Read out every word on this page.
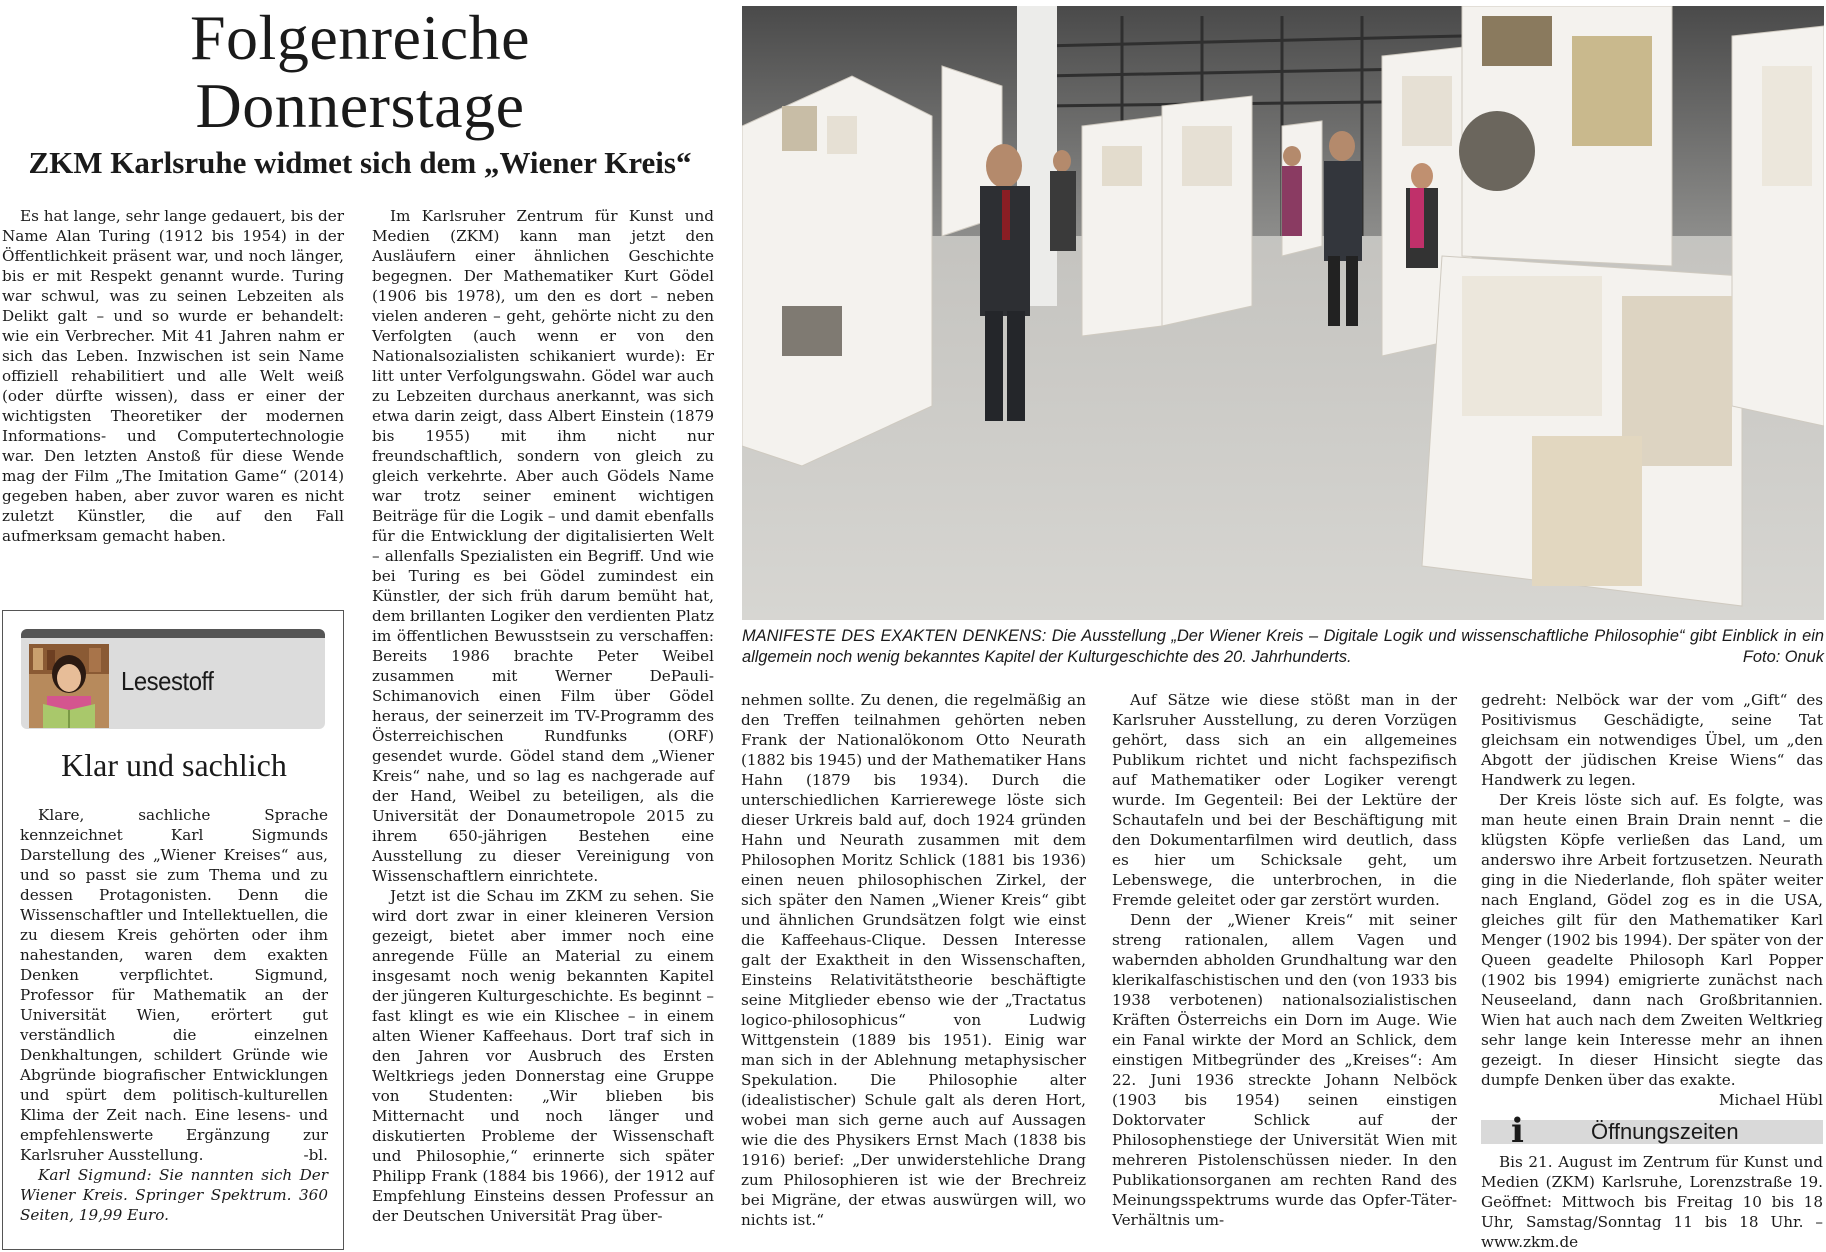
Folgenreiche
Donnerstage
ZKM Karlsruhe widmet sich dem „Wiener Kreis“

Es hat lange, sehr lange gedauert, bis der Name Alan Turing (1912 bis 1954) in der Öffentlichkeit präsent war, und noch länger, bis er mit Respekt genannt wurde. Turing war schwul, was zu seinen Lebzeiten als Delikt galt – und so wurde er behandelt: wie ein Verbrecher. Mit 41 Jahren nahm er sich das Leben. Inzwischen ist sein Name offiziell rehabilitiert und alle Welt weiß (oder dürfte wissen), dass er einer der wichtigsten Theoretiker der modernen Informations- und Computertechnologie war. Den letzten Anstoß für diese Wende mag der Film „The Imitation Game“ (2014) gegeben haben, aber zuvor waren es nicht zuletzt Künstler, die auf den Fall aufmerksam gemacht haben.

Lesestoff
Klar und sachlich

Klare, sachliche Sprache kennzeichnet Karl Sigmunds Darstellung des „Wiener Kreises“ aus, und so passt sie zum Thema und zu dessen Protagonisten. Denn die Wissenschaftler und Intellektuellen, die zu diesem Kreis gehörten oder ihm nahestanden, waren dem exakten Denken verpflichtet. Sigmund, Professor für Mathematik an der Universität Wien, erörtert gut verständlich die einzelnen Denkhaltungen, schildert Gründe wie Abgründe biografischer Entwicklungen und spürt dem politisch-kulturellen Klima der Zeit nach. Eine lesens- und empfehlenswerte Ergänzung zur Karlsruher Ausstellung.	-bl.

Karl Sigmund: Sie nannten sich Der Wiener Kreis. Springer Spektrum. 360 Seiten, 19,99 Euro.

Im Karlsruher Zentrum für Kunst und Medien (ZKM) kann man jetzt den Ausläufern einer ähnlichen Geschichte begegnen. Der Mathematiker Kurt Gödel (1906 bis 1978), um den es dort – neben vielen anderen – geht, gehörte nicht zu den Verfolgten (auch wenn er von den Nationalsozialisten schikaniert wurde): Er litt unter Verfolgungswahn. Gödel war auch zu Lebzeiten durchaus anerkannt, was sich etwa darin zeigt, dass Albert Einstein (1879 bis 1955) mit ihm nicht nur freundschaftlich, sondern von gleich zu gleich verkehrte. Aber auch Gödels Name war trotz seiner eminent wichtigen Beiträge für die Logik – und damit ebenfalls für die Entwicklung der digitalisierten Welt – allenfalls Spezialisten ein Begriff. Und wie bei Turing es bei Gödel zumindest ein Künstler, der sich früh darum bemüht hat, dem brillanten Logiker den verdienten Platz im öffentlichen Bewusstsein zu verschaffen: Bereits 1986 brachte Peter Weibel zusammen mit Werner DePauli-Schimanovich einen Film über Gödel heraus, der seinerzeit im TV-Programm des Österreichischen Rundfunks (ORF) gesendet wurde. Gödel stand dem „Wiener Kreis“ nahe, und so lag es nachgerade auf der Hand, Weibel zu beteiligen, als die Universität der Donaumetropole 2015 zu ihrem 650-jährigen Bestehen eine Ausstellung zu dieser Vereinigung von Wissenschaftlern einrichtete.

Jetzt ist die Schau im ZKM zu sehen. Sie wird dort zwar in einer kleineren Version gezeigt, bietet aber immer noch eine anregende Fülle an Material zu einem insgesamt noch wenig bekannten Kapitel der jüngeren Kulturgeschichte. Es beginnt – fast klingt es wie ein Klischee – in einem alten Wiener Kaffeehaus. Dort traf sich in den Jahren vor Ausbruch des Ersten Weltkriegs jeden Donnerstag eine Gruppe von Studenten: „Wir blieben bis Mitternacht und noch länger und diskutierten Probleme der Wissenschaft und Philosophie,“ erinnerte sich später Philipp Frank (1884 bis 1966), der 1912 auf Empfehlung Einsteins dessen Professur an der Deutschen Universität Prag über-

MANIFESTE DES EXAKTEN DENKENS: Die Ausstellung „Der Wiener Kreis – Digitale Logik und wissenschaftliche Philosophie“ gibt Einblick in ein allgemein noch wenig bekanntes Kapitel der Kulturgeschichte des 20. Jahrhunderts.	Foto: Onuk

nehmen sollte. Zu denen, die regelmäßig an den Treffen teilnahmen gehörten neben Frank der Nationalökonom Otto Neurath (1882 bis 1945) und der Mathematiker Hans Hahn (1879 bis 1934). Durch die unterschiedlichen Karrierewege löste sich dieser Urkreis bald auf, doch 1924 gründen Hahn und Neurath zusammen mit dem Philosophen Moritz Schlick (1881 bis 1936) einen neuen philosophischen Zirkel, der sich später den Namen „Wiener Kreis“ gibt und ähnlichen Grundsätzen folgt wie einst die Kaffeehaus-Clique. Dessen Interesse galt der Exaktheit in den Wissenschaften, Einsteins Relativitätstheorie beschäftigte seine Mitglieder ebenso wie der „Tractatus logico-philosophicus“ von Ludwig Wittgenstein (1889 bis 1951). Einig war man sich in der Ablehnung metaphysischer Spekulation. Die Philosophie alter (idealistischer) Schule galt als deren Hort, wobei man sich gerne auch auf Aussagen wie die des Physikers Ernst Mach (1838 bis 1916) berief: „Der unwiderstehliche Drang zum Philosophieren ist wie der Brechreiz bei Migräne, der etwas auswürgen will, wo nichts ist.“

Auf Sätze wie diese stößt man in der Karlsruher Ausstellung, zu deren Vorzügen gehört, dass sich an ein allgemeines Publikum richtet und nicht fachspezifisch auf Mathematiker oder Logiker verengt wurde. Im Gegenteil: Bei der Lektüre der Schautafeln und bei der Beschäftigung mit den Dokumentarfilmen wird deutlich, dass es hier um Schicksale geht, um Lebenswege, die unterbrochen, in die Fremde geleitet oder gar zerstört wurden.

Denn der „Wiener Kreis“ mit seiner streng rationalen, allem Vagen und wabernden abholden Grundhaltung war den klerikalfaschistischen und den (von 1933 bis 1938 verbotenen) nationalsozialistischen Kräften Österreichs ein Dorn im Auge. Wie ein Fanal wirkte der Mord an Schlick, dem einstigen Mitbegründer des „Kreises“: Am 22. Juni 1936 streckte Johann Nelböck (1903 bis 1954) seinen einstigen Doktorvater Schlick auf der Philosophenstiege der Universität Wien mit mehreren Pistolenschüssen nieder. In den Publikationsorganen am rechten Rand des Meinungsspektrums wurde das Opfer-Täter-Verhältnis um-

gedreht: Nelböck war der vom „Gift“ des Positivismus Geschädigte, seine Tat gleichsam ein notwendiges Übel, um „den Abgott der jüdischen Kreise Wiens“ das Handwerk zu legen.

Der Kreis löste sich auf. Es folgte, was man heute einen Brain Drain nennt – die klügsten Köpfe verließen das Land, um anderswo ihre Arbeit fortzusetzen. Neurath ging in die Niederlande, floh später weiter nach England, Gödel zog es in die USA, gleiches gilt für den Mathematiker Karl Menger (1902 bis 1994). Der später von der Queen geadelte Philosoph Karl Popper (1902 bis 1994) emigrierte zunächst nach Neuseeland, dann nach Großbritannien. Wien hat auch nach dem Zweiten Weltkrieg sehr lange kein Interesse mehr an ihnen gezeigt. In dieser Hinsicht siegte das dumpfe Denken über das exakte.
Michael Hübl

i	Öffnungszeiten

Bis 21. August im Zentrum für Kunst und Medien (ZKM) Karlsruhe, Lorenzstraße 19. Geöffnet: Mittwoch bis Freitag 10 bis 18 Uhr, Samstag/Sonntag 11 bis 18 Uhr. – www.zkm.de
